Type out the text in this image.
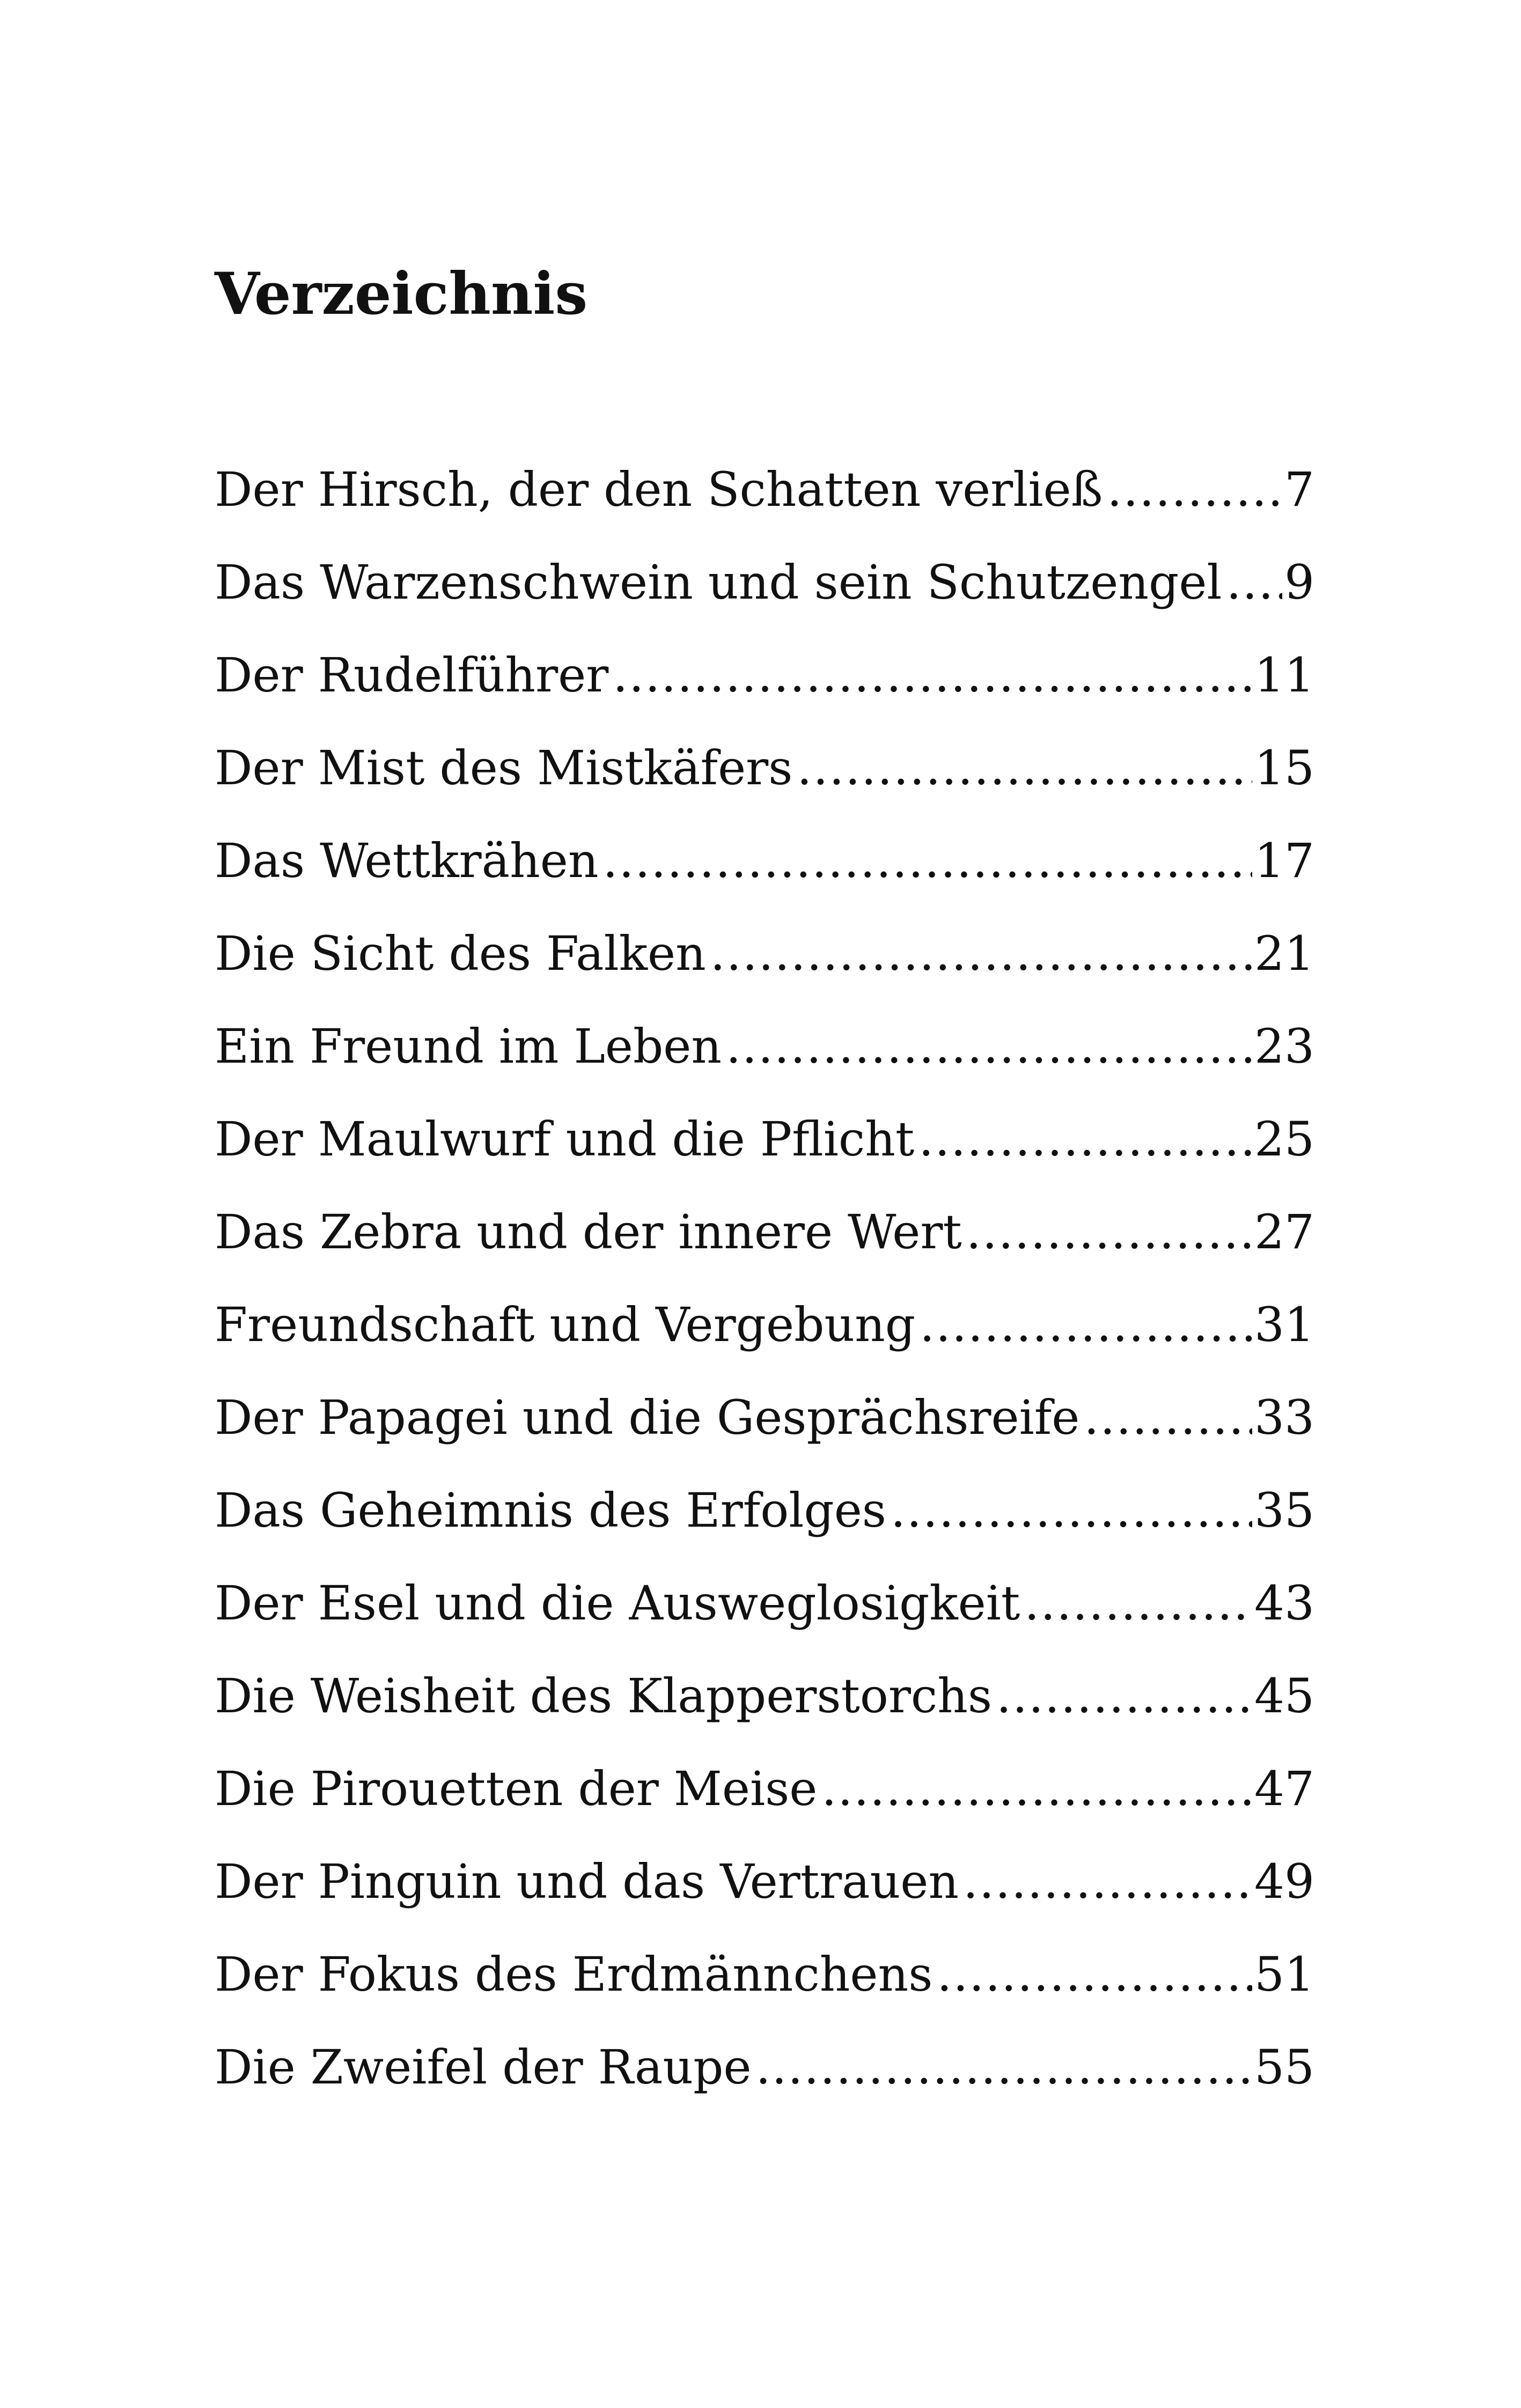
Verzeichnis
Der Hirsch, der den Schatten verließ .....	7
Das Warzenschwein und sein Schutzengel ..... 9
Der Rudelführer .....	11
Der Mist des Mistkäfers .....	15
Das Wettkrähen .....	17
Die Sicht des Falken .....	21
Ein Freund im Leben .....	23
Der Maulwurf und die Pflicht .....	25
Das Zebra und der innere Wert .....	27
Freundschaft und Vergebung .....	31
Der Papagei und die Gesprächsreife .....	33
Das Geheimnis des Erfolges .....	35
Der Esel und die Ausweglosigkeit .....	43
Die Weisheit des Klapperstorchs .....	45
Die Pirouetten der Meise .....	47
Der Pinguin und das Vertrauen .....	49
Der Fokus des Erdmännchens .....	51
Die Zweifel der Raupe .....	55
